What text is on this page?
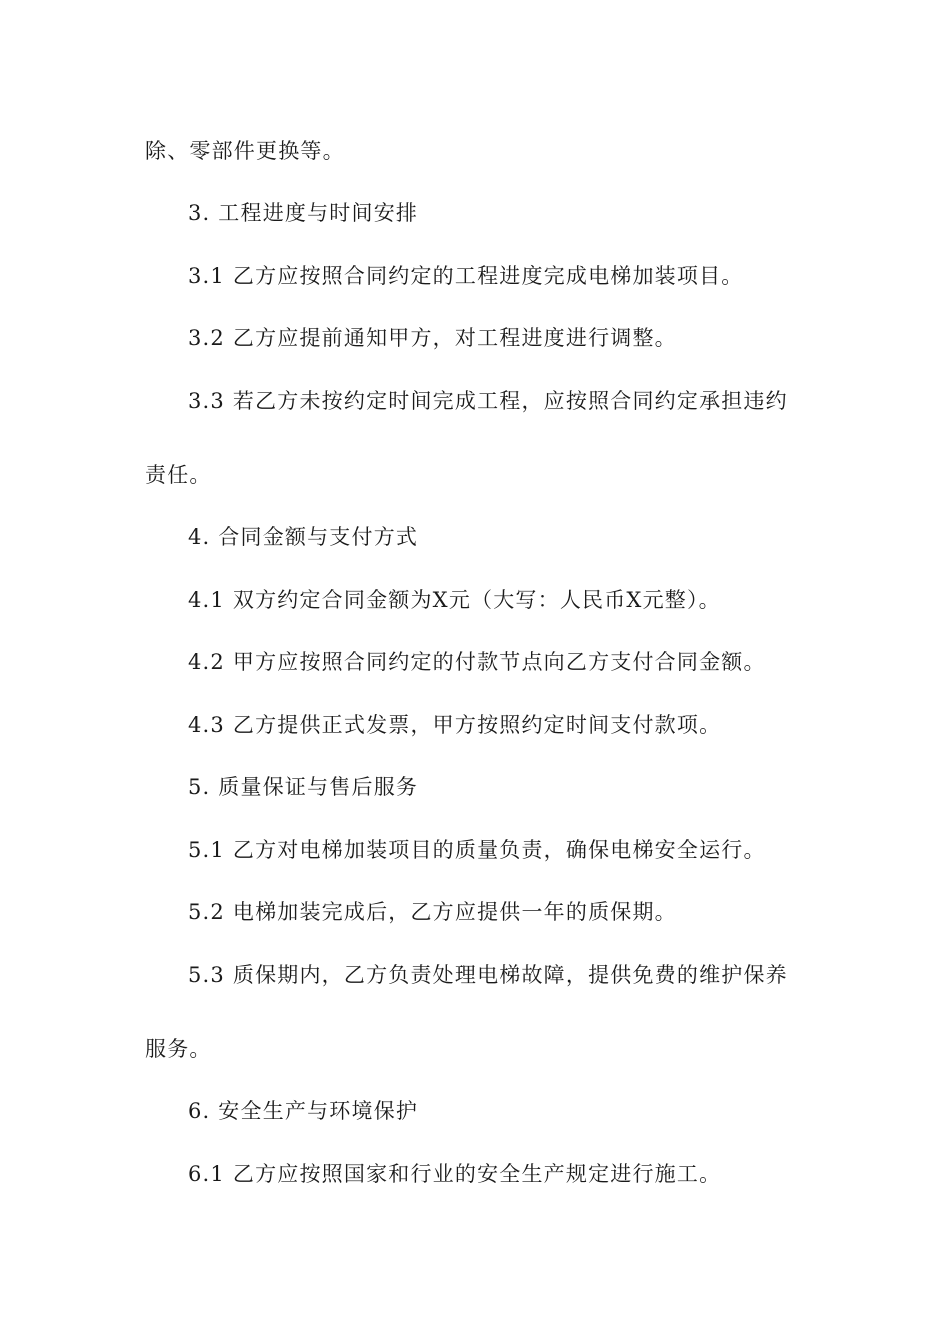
除、零部件更换等。
3. 工程进度与时间安排
3.1 乙方应按照合同约定的工程进度完成电梯加装项目。
3.2 乙方应提前通知甲方，对工程进度进行调整。
3.3 若乙方未按约定时间完成工程，应按照合同约定承担违约
责任。
4. 合同金额与支付方式
4.1 双方约定合同金额为X元（大写：人民币X元整）。
4.2 甲方应按照合同约定的付款节点向乙方支付合同金额。
4.3 乙方提供正式发票，甲方按照约定时间支付款项。
5. 质量保证与售后服务
5.1 乙方对电梯加装项目的质量负责，确保电梯安全运行。
5.2 电梯加装完成后，乙方应提供一年的质保期。
5.3 质保期内，乙方负责处理电梯故障，提供免费的维护保养
服务。
6. 安全生产与环境保护
6.1 乙方应按照国家和行业的安全生产规定进行施工。
